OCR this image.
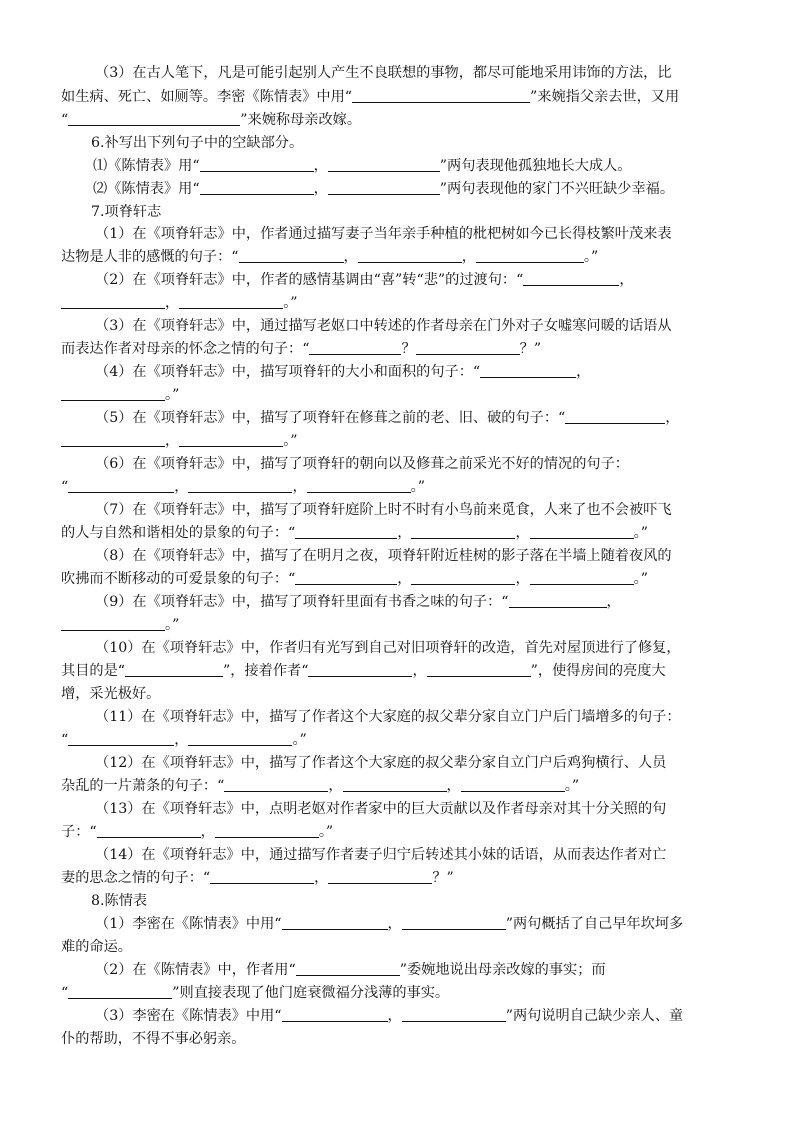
（3）在古人笔下，凡是可能引起别人产生不良联想的事物，都尽可能地采用讳饰的方法，比
如生病、死亡、如厕等。李密《陈情表》中用“	”来婉指父亲去世，又用
“	”来婉称母亲改嫁。
6.补写出下列句子中的空缺部分。
⑴《陈情表》用“	，	”两句表现他孤独地长大成人。
⑵《陈情表》用“	，	”两句表现他的家门不兴旺缺少幸福。
7.项脊轩志
（1）在《项脊轩志》中，作者通过描写妻子当年亲手种植的枇杷树如今已长得枝繁叶茂来表
达物是人非的感慨的句子：“	，	，	。”
（2）在《项脊轩志》中，作者的感情基调由“喜”转“悲”的过渡句：“	，
，	。”
（3）在《项脊轩志》中，通过描写老妪口中转述的作者母亲在门外对子女嘘寒问暖的话语从
而表达作者对母亲的怀念之情的句子：“	？	？”
（4）在《项脊轩志》中，描写项脊轩的大小和面积的句子：“	，
。”
（5）在《项脊轩志》中，描写了项脊轩在修葺之前的老、旧、破的句子：“	，
，	。”
（6）在《项脊轩志》中，描写了项脊轩的朝向以及修葺之前采光不好的情况的句子：
“	，	，	。”
（7）在《项脊轩志》中，描写了项脊轩庭阶上时不时有小鸟前来觅食，人来了也不会被吓飞
的人与自然和谐相处的景象的句子：“	，	，	。”
（8）在《项脊轩志》中，描写了在明月之夜，项脊轩附近桂树的影子落在半墙上随着夜风的
吹拂而不断移动的可爱景象的句子：“	，	，	。”
（9）在《项脊轩志》中，描写了项脊轩里面有书香之味的句子：“	，
。”
（10）在《项脊轩志》中，作者归有光写到自己对旧项脊轩的改造，首先对屋顶进行了修复，
其目的是“	”，接着作者“	，	”，使得房间的亮度大
增，采光极好。
（11）在《项脊轩志》中，描写了作者这个大家庭的叔父辈分家自立门户后门墙增多的句子：
“	，	。”
（12）在《项脊轩志》中，描写了作者这个大家庭的叔父辈分家自立门户后鸡狗横行、人员
杂乱的一片萧条的句子：“	，	，	。”
（13）在《项脊轩志》中，点明老妪对作者家中的巨大贡献以及作者母亲对其十分关照的句
子：“	，	。”
（14）在《项脊轩志》中，通过描写作者妻子归宁后转述其小妹的话语，从而表达作者对亡
妻的思念之情的句子：“	，	？”
8.陈情表
（1）李密在《陈情表》中用“	，	”两句概括了自己早年坎坷多
难的命运。
（2）在《陈情表》中，作者用“	”委婉地说出母亲改嫁的事实；而
“	”则直接表现了他门庭衰微福分浅薄的事实。
（3）李密在《陈情表》中用“	，	”两句说明自己缺少亲人、童
仆的帮助，不得不事必躬亲。
